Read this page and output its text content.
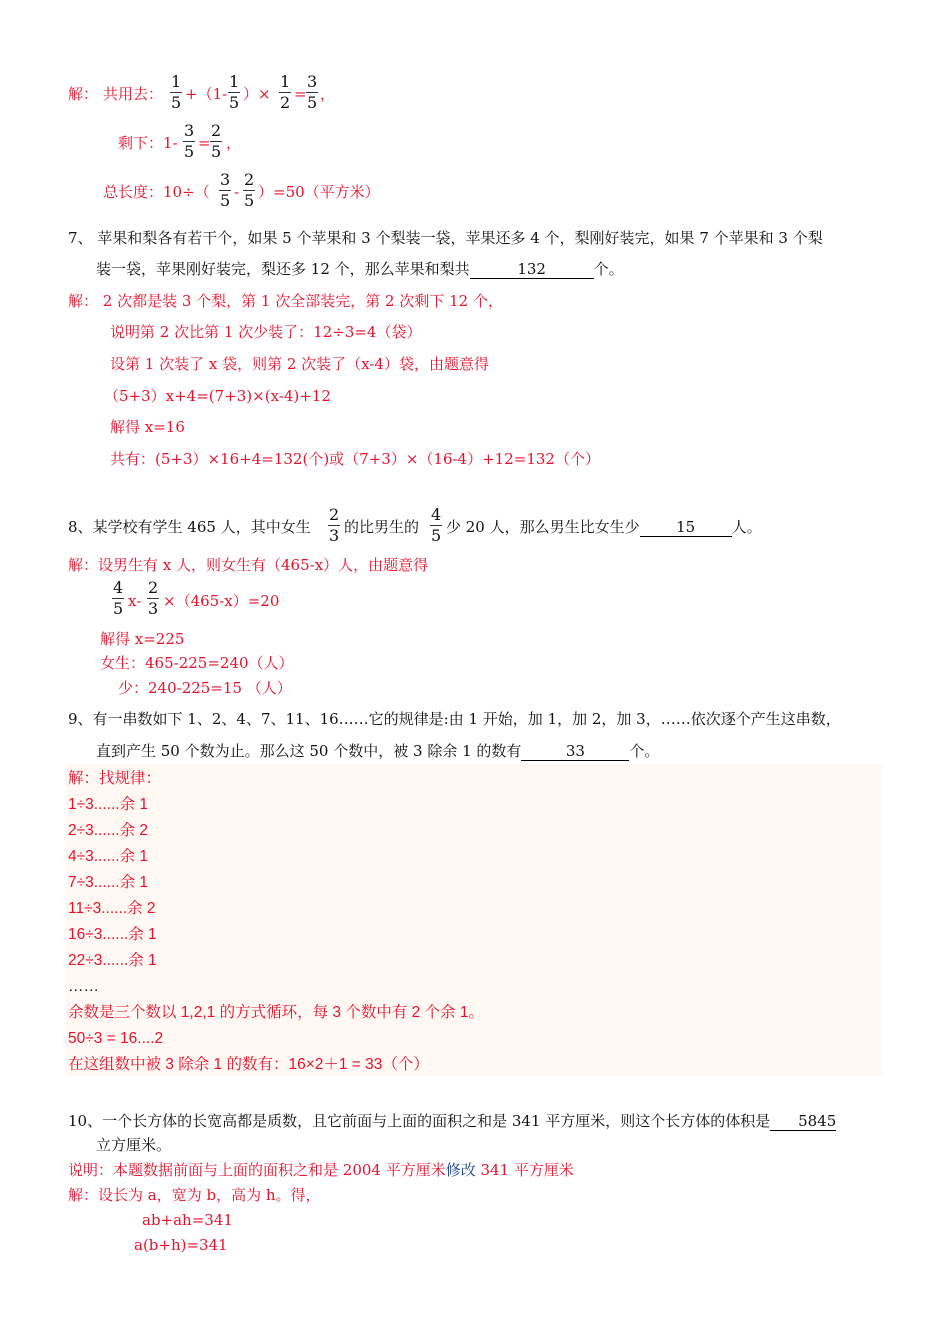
解： 共用去： $\frac{1}{5} +(1- \frac{1}{5}$ ）× $\frac{1}{2} = \frac{3}{5}$ ，
剩下：$1- \frac{3}{5} = \frac{2}{5}$ ，
总长度：$10\div( \frac{3}{5} - \frac{2}{5} )=50$（平方米）
7、 苹果和梨各有若干个，如果 5 个苹果和 3 个梨装一袋，苹果还多 4 个，梨刚好装完，如果 7 个苹果和 3 个梨
装一袋，苹果刚好装完，梨还多 12 个，那么苹果和梨共	132	个。
解： 2 次都是装 3 个梨，第 1 次全部装完，第 2 次剩下 12 个，
说明第 2 次比第 1 次少装了：12÷3=4（袋）
设第 1 次装了 x 袋，则第 2 次装了（x-4）袋，由题意得
（5+3）x+4=(7+3)×(x-4)+12
解得 x=16
共有：(5+3）×16+4=132(个)或（7+3）×（16-4）+12=132（个）
8、某学校有学生 465 人，其中女生 $\frac{2}{3}$ 的比男生的 $\frac{4}{5}$ 少 20 人，那么男生比女生少 15 人。
解：设男生有 x 人，则女生有（465-x）人，由题意得
$\frac{4}{5} x- \frac{2}{3} \times(465-x)=20$
解得 x=225
女生：465-225=240（人）
少：240-225=15 （人）
9、有一串数如下 1、2、4、7、11、16……它的规律是:由 1 开始，加 1，加 2，加 3，……依次逐个产生这串数，
直到产生 50 个数为止。那么这 50 个数中，被 3 除余 1 的数有	33	个。
解：找规律：
1÷3......余 1
2÷3......余 2
4÷3......余 1
7÷3......余 1
11÷3......余 2
16÷3......余 1
22÷3......余 1
……
余数是三个数以 1,2,1 的方式循环，每 3 个数中有 2 个余 1。
50÷3 = 16....2
在这组数中被 3 除余 1 的数有：16×2＋1 = 33（个）
10、一个长方体的长宽高都是质数，且它前面与上面的面积之和是 341 平方厘米，则这个长方体的体积是 5845
立方厘米。
说明：本题数据前面与上面的面积之和是 2004 平方厘米修改 341 平方厘米
解：设长为 a，宽为 b，高为 h。得，
ab+ah=341
a(b+h)=341
